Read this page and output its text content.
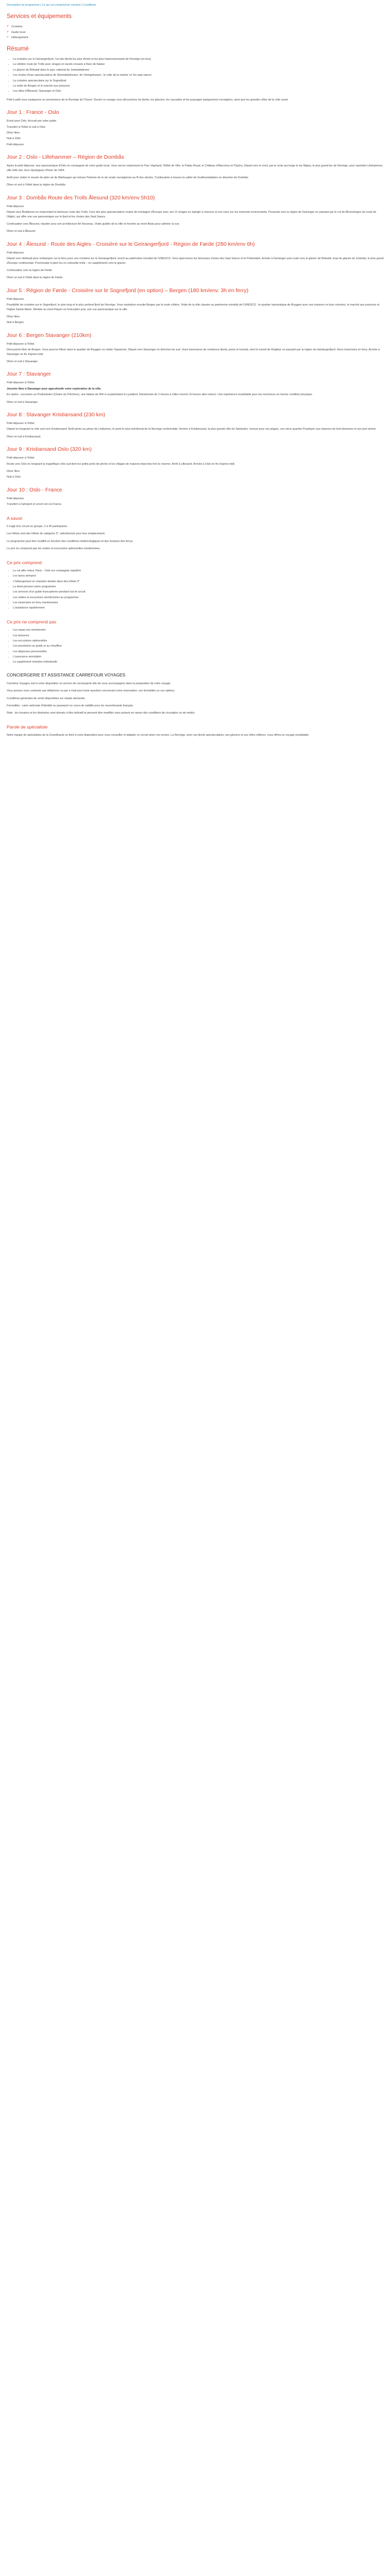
Description du programme | Ce qui est compris/non compris | Conditions
Services et équipements
✔ Croisière
✔ Guide local
✔ Hébergement
Résumé
• La croisière sur le Geirangerfjord, l'un des fjords les plus étroits et les plus impressionnants de Norvège (en bus)
• La célèbre route de Trolls avec virages en lacets creusés à flanc de falaise
• Le glacier de Briksdal dans le parc national de Jostedalsbreen
• Les chutes d'eau spectaculaires de Steinsdalsfossen, de Vøringsfossen, ‘le voile de la mariée’ et ‘les sept sœurs’
• La croisière spectaculaire sur le Sognefjord
• La visite de Bergen et le marché aux poissons
• Les villes d'Ålesund, Stavanger et Oslo

Petit à petit vous naviguerez en provenance de la Norvège de l'Ouest. Durant ce voyage vous découvrirez les fjords, les glaciers, les cascades et les paysages typiquement norvégiens, ainsi que les grandes villes de la côte ouest.

Jour 1 : France - Oslo

Envol pour Oslo. Accueil par votre guide.

Transfert à l'hôtel et nuit à Oslo.

Dîner libre.

Nuit à Oslo.

Petit déjeuner

Jour 2 : Oslo - Lillehammer – Région de Dombås

Après le petit déjeuner, tour panoramique d'Oslo en compagnie de votre guide local. Vous verrez notamment le Parc Vigeland, l'Hôtel de Ville, le Palais Royal, le Château d'Akershus et l'Opéra. Départ vers le nord, par la route qui longe le lac Mjøsa, le plus grand lac de Norvège, pour rejoindre Lillehammer, ville hôte des Jeux olympiques d'hiver de 1994.

Arrêt pour visiter le musée de plein air de Maihaugen qui retrace l'histoire de la vie rurale norvégienne au fil des siècles. Continuation à travers la vallée de Gudbrandsdalen en direction de Dombås.

Dîner et nuit à l'hôtel dans la région de Dombås.

Jour 3 : Dombås Route des Trolls Ålesund (320 km/env 5h10)

Petit déjeuner.

Départ vers Åndalsnes en empruntant la fameuse route des Trolls, l'une des plus spectaculaires routes de montagne d'Europe avec ses 11 virages en épingle à cheveux et ses vues sur les sommets environnants. Poursuite vers la région de Geiranger en passant par le col de Ørnesvingen (la route de l'Aigle), qui offre une vue panoramique sur le fjord et les chutes des Sept Sœurs.

Continuation vers Ålesund, réputée pour son architecture Art Nouveau. Visite guidée de la ville et montée au mont Aksla pour admirer la vue.

Dîner et nuit à Ålesund.

Jour 4 : Ålesund - Route des Aigles - Croisière sur le Geirangerfjord - Région de Førde (280 km/env 6h)

Petit déjeuner.

Départ vers Hellesylt pour embarquer sur le ferry pour une croisière sur le Geirangerfjord, inscrit au patrimoine mondial de l'UNESCO. Vous apercevrez les fameuses chutes des Sept Sœurs et le Prétendant. Arrivée à Geiranger puis route vers le glacier de Briksdal, bras du glacier de Jostedal, le plus grand d'Europe continentale. Promenade à pied (ou en voiturette trolls – en supplément) vers le glacier.

Continuation vers la région de Førde.

Dîner et nuit à l'hôtel dans la région de Førde.

Jour 5 : Région de Førde - Croisière sur le Sognefjord (en option) – Bergen (180 km/env. 3h en ferry)

Petit déjeuner.

Possibilité de croisière sur le Sognefjord, le plus long et le plus profond fjord de Norvège. Vous rejoindrez ensuite Bergen par la route côtière. Visite de la ville classée au patrimoine mondial de l'UNESCO : le quartier hanséatique de Bryggen avec ses maisons en bois colorées, le marché aux poissons et l'église Sainte-Marie. Montée au mont Fløyen en funiculaire pour une vue panoramique sur la ville.

Dîner libre.

Nuit à Bergen.

Jour 6 : Bergen Stavanger (210km)

Petit déjeuner à l'hôtel.

Découverte libre de Bergen. Vous pourrez flâner dans le quartier de Bryggen ou visiter l'aquarium. Départ vers Stavanger en direction du sud. Vous traverserez de nombreux fjords, ponts et tunnels, dont le tunnel de Rogfast, en passant par la région du Hardangerfjord. Deux traversées en ferry. Arrivée à Stavanger en fin d'après-midi.

Dîner et nuit à Stavanger.

Jour 7 : Stavanger

Petit déjeuner à l'hôtel.

Journée libre à Stavanger pour approfondir votre exploration de la ville.

En option : excursion au Preikestolen (Chaire du Prêcheur), une falaise de 604 m surplombant le Lysefjord. Randonnée de 2 heures à l'aller environ (4 heures aller-retour). Une expérience inoubliable pour les marcheurs en bonne condition physique.

Dîner et nuit à Stavanger.

Jour 8 : Stavanger Kristiansand (230 km)

Petit déjeuner à l'hôtel.

Départ en longeant la côte sud vers Kristiansand. Arrêt photo au phare de Lindesnes, le point le plus méridional de la Norvège continentale. Arrivée à Kristiansand, la plus grande ville du Sørlandet, connue pour ses plages, son vieux quartier Posebyen aux maisons de bois blanches et son port animé.

Dîner et nuit à Kristiansand.

Jour 9 : Kristiansand Oslo (320 km)

Petit déjeuner à l'hôtel.

Route vers Oslo en longeant la magnifique côte sud dont les petits ports de pêche et les villages de maisons blanches font le charme. Arrêt à Lillesand. Arrivée à Oslo en fin d'après-midi.

Dîner libre.

Nuit à Oslo.

Jour 10 : Oslo - France

Petit déjeuner.

Transfert à l'aéroport et envol vers la France.

A savoir

Il s'agit d'un circuit en groupe, 2 à 40 participants.

Les hôtels sont des hôtels de catégorie 3*, sélectionnés pour leur emplacement.

Le programme peut être modifié en fonction des conditions météorologiques et des horaires des ferrys.

Le prix ne comprend pas les visites et excursions optionnelles mentionnées.

Ce prix comprend
• Le vol aller-retour Paris – Oslo sur compagnie régulière
• Les taxes aéroport
• L'hébergement en chambre double dans des hôtels 3*
• La demi-pension selon programme
• Les services d'un guide francophone pendant tout le circuit
• Les visites et excursions mentionnées au programme
• Les traversées en ferry mentionnées
• L'assistance rapatriement
Ce prix ne comprend pas
• Les repas non mentionnés
• Les boissons
• Les excursions optionnelles
• Les pourboires au guide et au chauffeur
• Les dépenses personnelles
• L'assurance annulation
• Le supplément chambre individuelle
CONCIERGERIE ET ASSISTANCE CARREFOUR VOYAGES

Carrefour Voyages met à votre disposition un service de conciergerie afin de vous accompagner dans la préparation de votre voyage.

Vous pouvez nous contacter par téléphone ou par e-mail pour toute question concernant votre réservation, vos formalités ou vos options.

Conditions générales de vente disponibles sur simple demande.

Formalités : carte nationale d'identité ou passeport en cours de validité pour les ressortissants français.

Note : les horaires et les itinéraires sont donnés à titre indicatif et peuvent être modifiés sans préavis en raison des conditions de circulation ou de météo.

Parole de spécialiste

Notre équipe de spécialistes de la Scandinavie se tient à votre disposition pour vous conseiller et adapter ce circuit selon vos envies. La Norvège, avec ses fjords spectaculaires, ses glaciers et ses villes côtières, vous offrira un voyage inoubliable.
